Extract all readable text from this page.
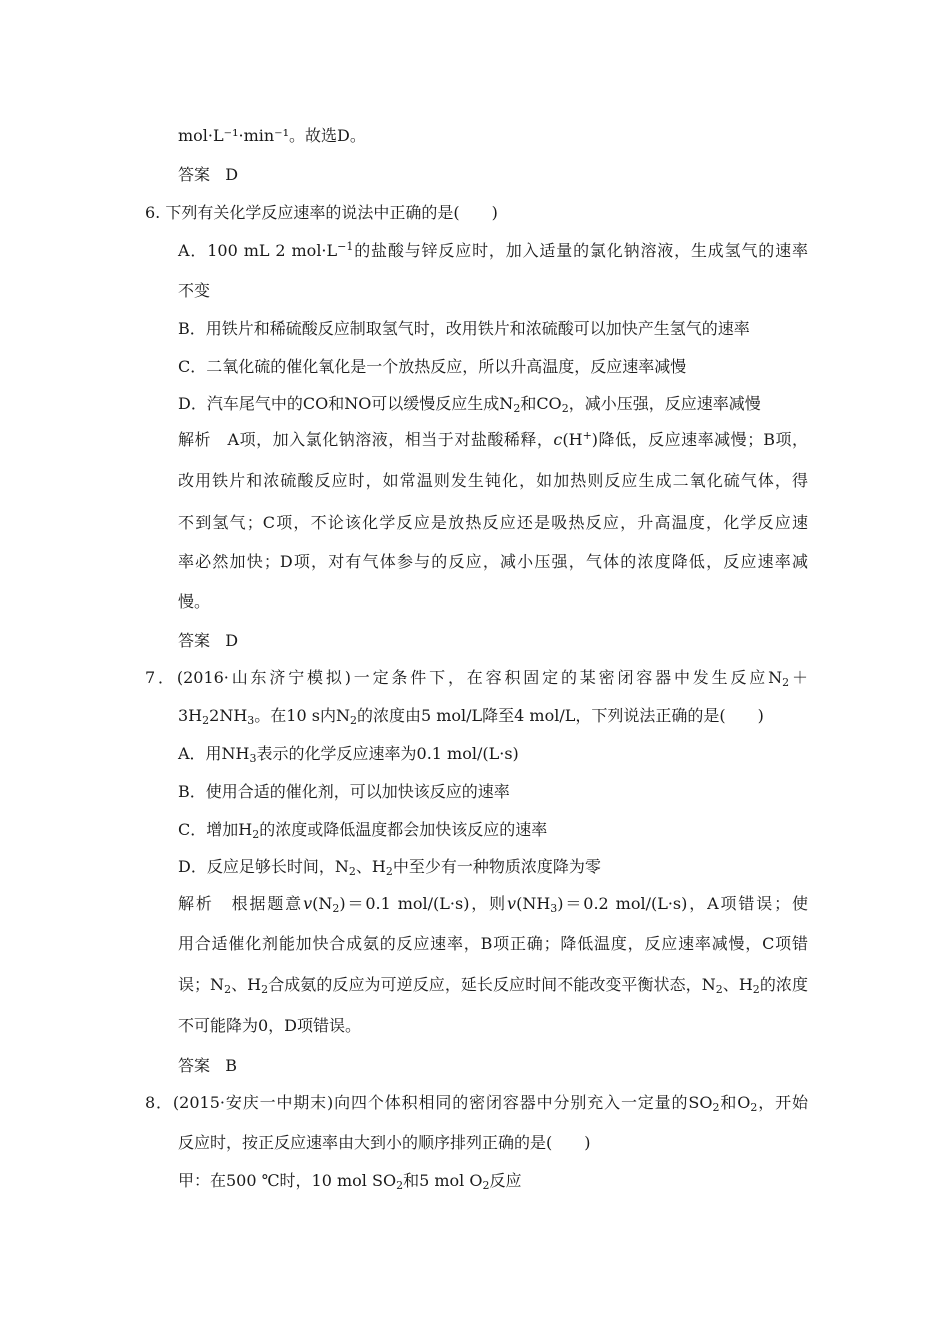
mol·L⁻¹·min⁻¹。故选D。
答案 D
6. 下列有关化学反应速率的说法中正确的是(　　)
A．100 mL 2 $mol\cdot L^{-1}$的盐酸与锌反应时，加入适量的氯化钠溶液，生成氢气的速率
不变
B．用铁片和稀硫酸反应制取氢气时，改用铁片和浓硫酸可以加快产生氢气的速率
C．二氧化硫的催化氧化是一个放热反应，所以升高温度，反应速率减慢
D．汽车尾气中的CO和NO可以缓慢反应生成$N_2$和$CO_2$，减小压强，反应速率减慢
解析　A项，加入氯化钠溶液，相当于对盐酸稀释，c(H+)降低，反应速率减慢；B项，
改用铁片和浓硫酸反应时，如常温则发生钝化，如加热则反应生成二氧化硫气体，得
不到氢气；C项，不论该化学反应是放热反应还是吸热反应，升高温度，化学反应速
率必然加快；D项，对有气体参与的反应，减小压强，气体的浓度降低，反应速率减
慢。
答案 D
7．(2016·山东济宁模拟)一定条件下，在容积固定的某密闭容器中发生反应$N_2+$
$3H_22NH_3$。在10 s内$N_2$的浓度由5 mol/L降至4 mol/L，下列说法正确的是(　　)
A．用$NH_3$表示的化学反应速率为0.1 mol/(L·s)
B．使用合适的催化剂，可以加快该反应的速率
C．增加$H_2$的浓度或降低温度都会加快该反应的速率
D．反应足够长时间，$N_2$、$H_2$中至少有一种物质浓度降为零
解析　根据题意$v(N_2)=0.1$ mol/(L·s)，则$v(NH_3)=0.2$ mol/(L·s)，A项错误；使
用合适催化剂能加快合成氨的反应速率，B项正确；降低温度，反应速率减慢，C项错
误；$N_2$、$H_2$合成氨的反应为可逆反应，延长反应时间不能改变平衡状态，$N_2$、$H_2$的浓度
不可能降为0，D项错误。
答案 B
8．(2015·安庆一中期末)向四个体积相同的密闭容器中分别充入一定量的$SO_2$和$O_2$，开始
反应时，按正反应速率由大到小的顺序排列正确的是(　　)
甲：在500 ℃时，10 mol $SO_2$和5 mol $O_2$反应
